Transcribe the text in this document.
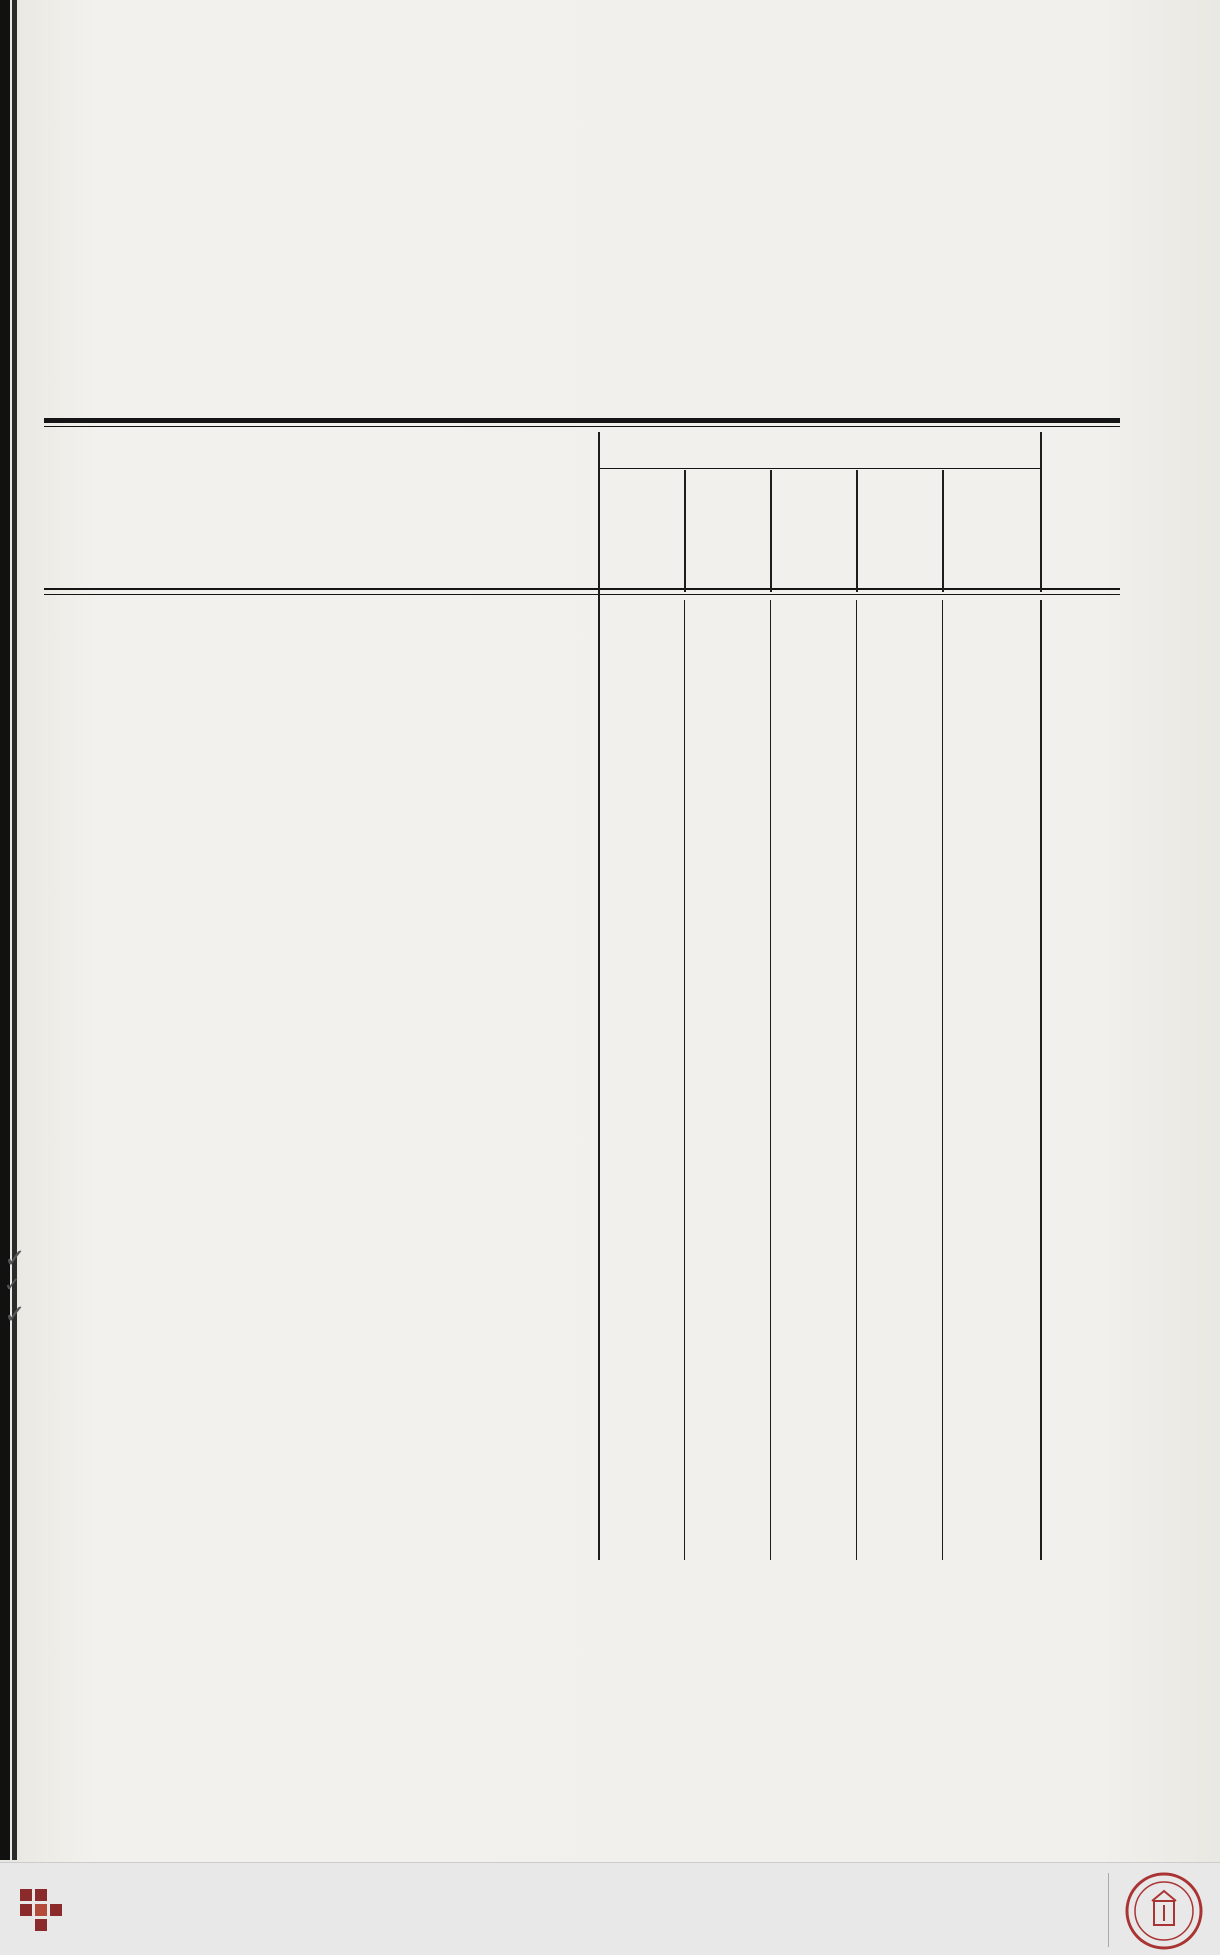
✓
✓
✓
